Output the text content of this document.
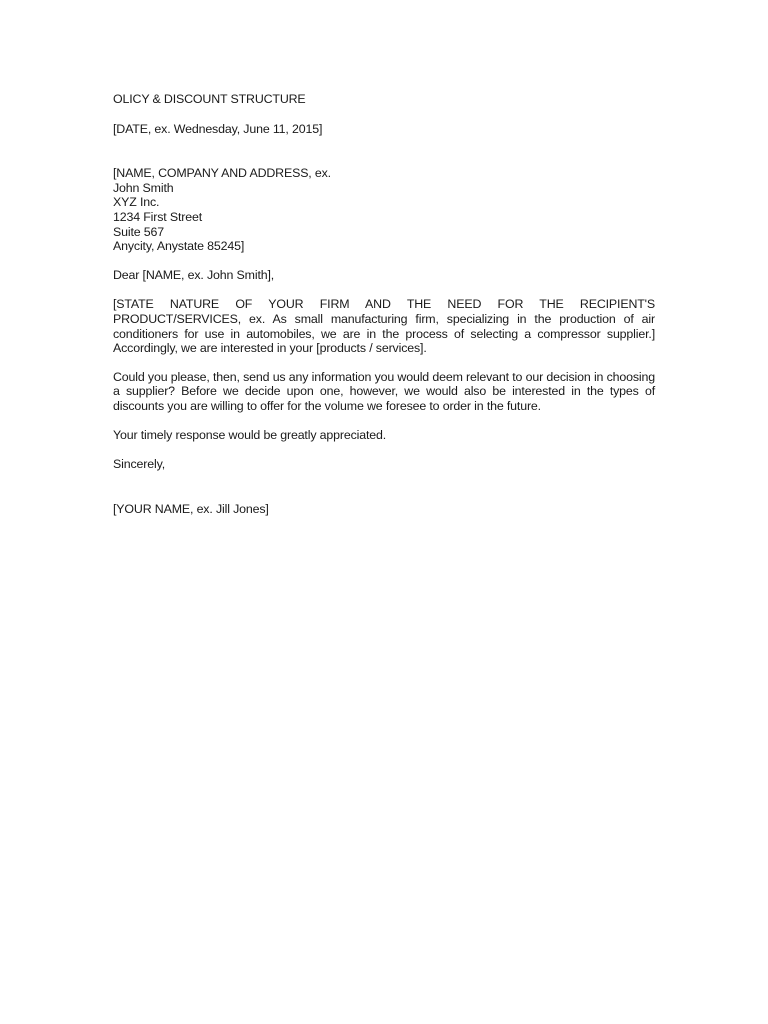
OLICY & DISCOUNT STRUCTURE
[DATE, ex. Wednesday, June 11, 2015]
[NAME, COMPANY AND ADDRESS, ex.
John Smith
XYZ Inc.
1234 First Street
Suite 567
Anycity, Anystate 85245]
Dear [NAME, ex. John Smith],
[STATE NATURE OF YOUR FIRM AND THE NEED FOR THE RECIPIENT'S PRODUCT/SERVICES, ex. As small manufacturing firm, specializing in the production of air conditioners for use in automobiles, we are in the process of selecting a compressor supplier.] Accordingly, we are interested in your [products / services].
Could you please, then, send us any information you would deem relevant to our decision in choosing a supplier? Before we decide upon one, however, we would also be interested in the types of discounts you are willing to offer for the volume we foresee to order in the future.
Your timely response would be greatly appreciated.
Sincerely,
[YOUR NAME, ex. Jill Jones]
